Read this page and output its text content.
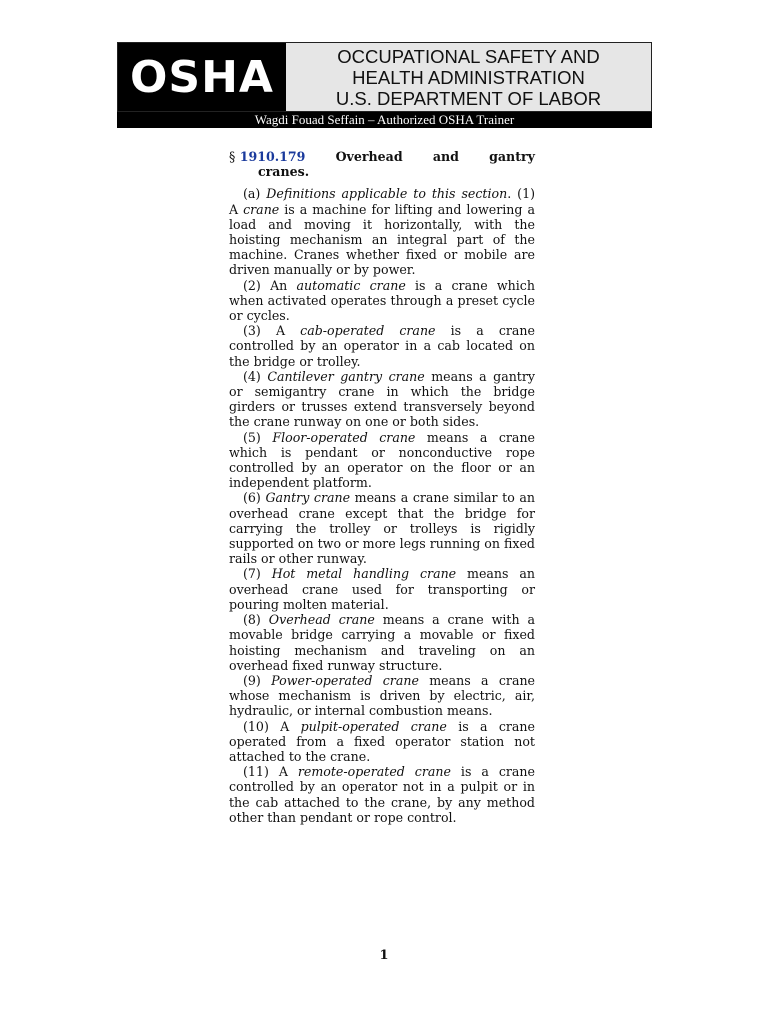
OSHA	OCCUPATIONAL SAFETY AND
HEALTH ADMINISTRATION
U.S. DEPARTMENT OF LABOR
Wagdi Fouad Seffain – Authorized OSHA Trainer
§ 1910.179 Overhead and gantry
cranes.

(a) Definitions applicable to this section. (1) A crane is a machine for lifting and lowering a load and moving it horizontally, with the hoisting mechanism an integral part of the machine. Cranes whether fixed or mobile are driven manually or by power.

(2) An automatic crane is a crane which when activated operates through a preset cycle or cycles.

(3) A cab-operated crane is a crane controlled by an operator in a cab located on the bridge or trolley.

(4) Cantilever gantry crane means a gantry or semigantry crane in which the bridge girders or trusses extend transversely beyond the crane runway on one or both sides.

(5) Floor-operated crane means a crane which is pendant or nonconductive rope controlled by an operator on the floor or an independent platform.

(6) Gantry crane means a crane similar to an overhead crane except that the bridge for carrying the trolley or trolleys is rigidly supported on two or more legs running on fixed rails or other runway.

(7) Hot metal handling crane means an overhead crane used for transporting or pouring molten material.

(8) Overhead crane means a crane with a movable bridge carrying a movable or fixed hoisting mechanism and traveling on an overhead fixed runway structure.

(9) Power-operated crane means a crane whose mechanism is driven by electric, air, hydraulic, or internal combustion means.

(10) A pulpit-operated crane is a crane operated from a fixed operator station not attached to the crane.

(11) A remote-operated crane is a crane controlled by an operator not in a pulpit or in the cab attached to the crane, by any method other than pendant or rope control.

1
